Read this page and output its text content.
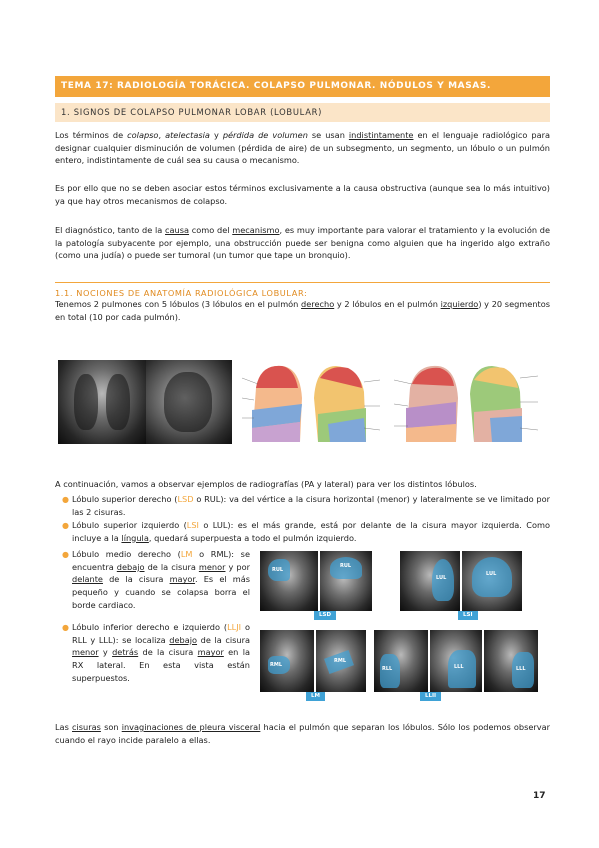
TEMA 17: RADIOLOGÍA TORÁCICA. COLAPSO PULMONAR. NÓDULOS Y MASAS.
1. SIGNOS DE COLAPSO PULMONAR LOBAR (LOBULAR)
Los términos de colapso, atelectasia y pérdida de volumen se usan indistintamente en el lenguaje radiológico para designar cualquier disminución de volumen (pérdida de aire) de un subsegmento, un segmento, un lóbulo o un pulmón entero, indistintamente de cuál sea su causa o mecanismo.
Es por ello que no se deben asociar estos términos exclusivamente a la causa obstructiva (aunque sea lo más intuitivo) ya que hay otros mecanismos de colapso.
El diagnóstico, tanto de la causa como del mecanismo, es muy importante para valorar el tratamiento y la evolución de la patología subyacente por ejemplo, una obstrucción puede ser benigna como alguien que ha ingerido algo extraño (como una judía) o puede ser tumoral (un tumor que tape un bronquio).
1.1. NOCIONES DE ANATOMÍA RADIOLÓGICA LOBULAR:
Tenemos 2 pulmones con 5 lóbulos (3 lóbulos en el pulmón derecho y 2 lóbulos en el pulmón izquierdo) y 20 segmentos en total (10 por cada pulmón).
A continuación, vamos a observar ejemplos de radiografías (PA y lateral) para ver los distintos lóbulos.
● Lóbulo superior derecho (LSD o RUL): va del vértice a la cisura horizontal (menor) y lateralmente se ve limitado por las 2 cisuras.
● Lóbulo superior izquierdo (LSI o LUL): es el más grande, está por delante de la cisura mayor izquierda. Como incluye a la língula, quedará superpuesta a todo el pulmón izquierdo.
● Lóbulo medio derecho (LM o RML): se encuentra debajo de la cisura menor y por delante de la cisura mayor. Es el más pequeño y cuando se colapsa borra el borde cardiaco.
● Lóbulo inferior derecho e izquierdo (LLJI o RLL y LLL): se localiza debajo de la cisura menor y detrás de la cisura mayor en la RX lateral. En esta vista están superpuestos.
RUL
RUL
LSD
LUL
LUL
LSI
RML
RML
LM
RLL	LLL	LLL
LLII
Las cisuras son invaginaciones de pleura visceral hacia el pulmón que separan los lóbulos. Sólo los podemos observar cuando el rayo incide paralelo a ellas.
17
